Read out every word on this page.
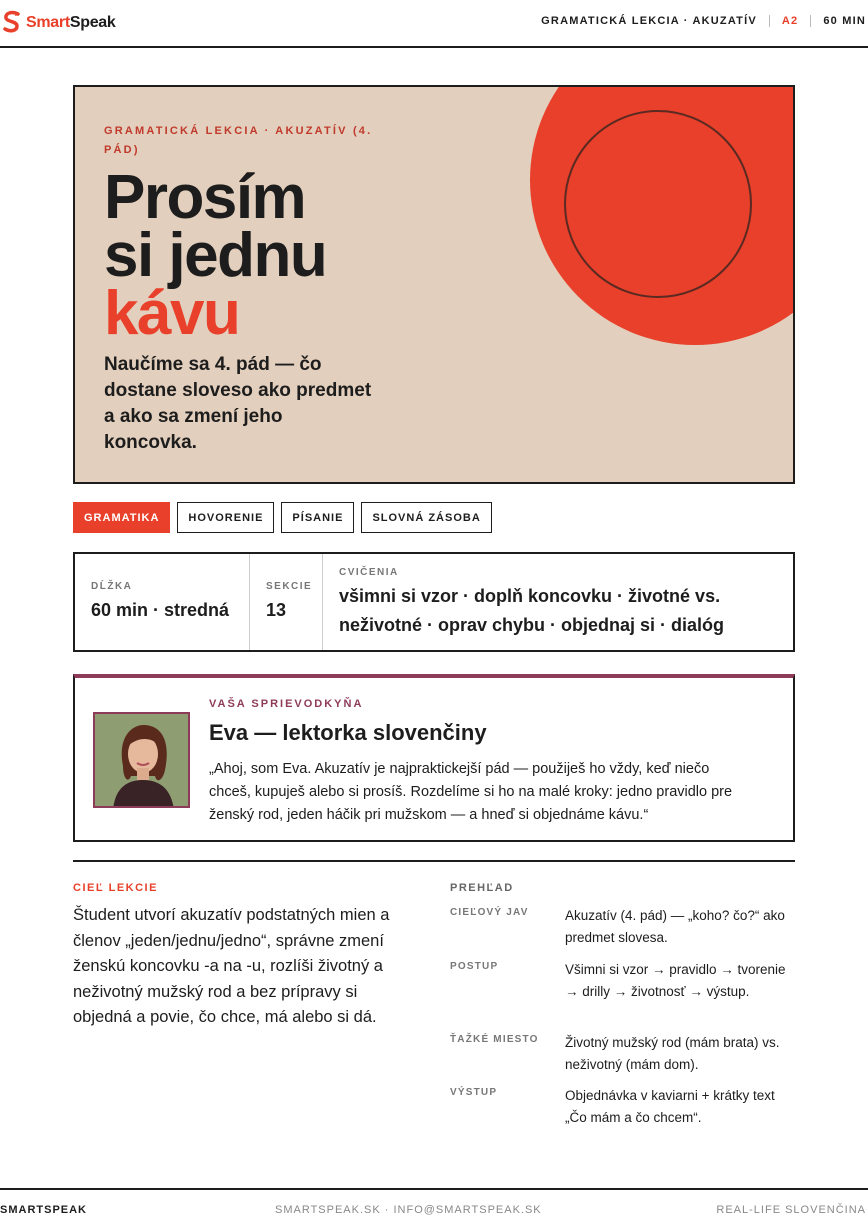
SmartSpeak	GRAMATICKÁ LEKCIA · AKUZATÍV A2 60 MIN
GRAMATICKÁ LEKCIA · AKUZATÍV (4. PÁD)
Prosím
si jednu
kávu

Naučíme sa 4. pád — čo dostane sloveso ako predmet a ako sa zmení jeho koncovka.

GRAMATIKA	HOVORENIE	PÍSANIE	SLOVNÁ ZÁSOBA
DĹŽKA
60 min · stredná
SEKCIE
13
CVIČENIA
všimni si vzor · doplň koncovku · životné vs. neživotné · oprav chybu · objednaj si · dialóg
VAŠA SPRIEVODKYŇA
Eva — lektorka slovenčiny

„Ahoj, som Eva. Akuzatív je najpraktickejší pád — použiješ ho vždy, keď niečo chceš, kupuješ alebo si prosíš. Rozdelíme si ho na malé kroky: jedno pravidlo pre ženský rod, jeden háčik pri mužskom — a hneď si objednáme kávu.“

CIEĽ LEKCIE

Študent utvorí akuzatív podstatných mien a členov „jeden/jednu/jedno“, správne zmení ženskú koncovku -a na -u, rozlíši životný a neživotný mužský rod a bez prípravy si objedná a povie, čo chce, má alebo si dá.

PREHĽAD
CIEĽOVÝ JAV	Akuzatív (4. pád) — „koho? čo?“ ako predmet slovesa.
POSTUP	Všimni si vzor → pravidlo → tvorenie → drilly → životnosť → výstup.
ŤAŽKÉ MIESTO Životný mužský rod (mám brata) vs. neživotný (mám dom).
VÝSTUP	Objednávka v kaviarni + krátky text „Čo mám a čo chcem“.
SMARTSPEAK	SMARTSPEAK.SK · INFO@SMARTSPEAK.SK	REAL-LIFE SLOVENČINA
